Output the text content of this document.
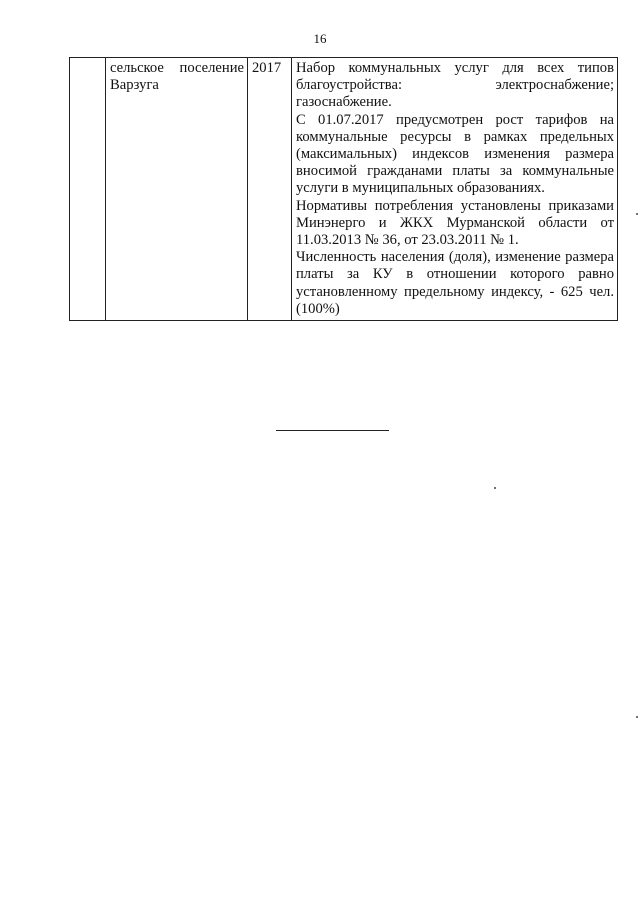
16
	сельское поселение Варзуга	2017	Набор коммунальных услуг для всех типов благоустройства: электроснабжение; газоснабжение.

С 01.07.2017 предусмотрен рост тарифов на коммунальные ресурсы в рамках предельных (максимальных) индексов изменения размера вносимой гражданами платы за коммунальные услуги в муниципальных образованиях.

Нормативы потребления установлены приказами Минэнерго и ЖКХ Мурманской области от 11.03.2013 № 36, от 23.03.2011 № 1.

Численность населения (доля), изменение размера платы за КУ в отношении которого равно установленному предельному индексу, - 625 чел. (100%)
